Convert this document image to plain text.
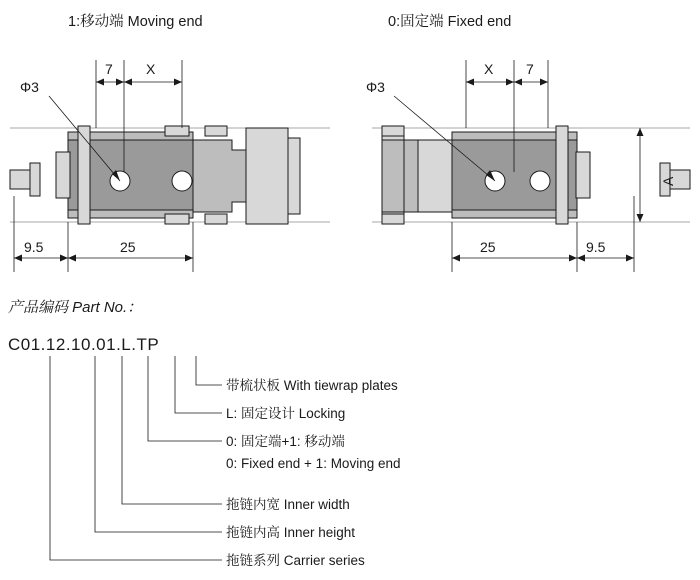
1:移动端 Moving end	0:固定端 Fixed end
Φ3
7 X
9.5	25
Φ3
X 7
A
25	9.5
产品编码 Part No.：
C01.12.10.01.L.TP
带梳状板 With tiewrap plates
L: 固定设计 Locking
0: 固定端+1: 移动端
0: Fixed end + 1: Moving end
拖链内宽 Inner width
拖链内高 Inner height
拖链系列 Carrier series
